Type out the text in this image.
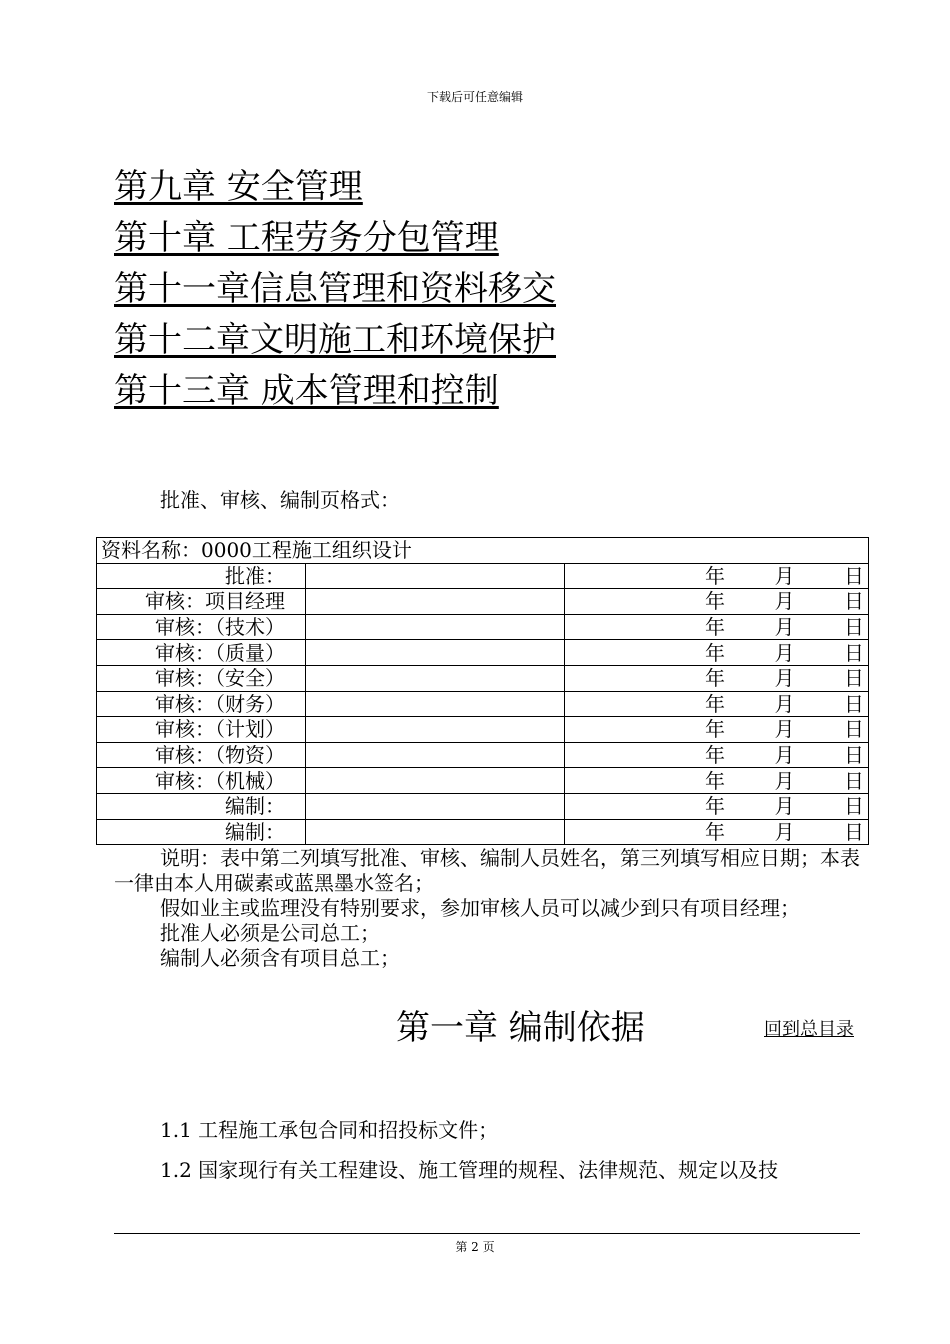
下载后可任意编辑
第九章 安全管理
第十章 工程劳务分包管理
第十一章信息管理和资料移交
第十二章文明施工和环境保护
第十三章 成本管理和控制
批准、审核、编制页格式：
资料名称：0000工程施工组织设计		
批准：		年 月 日

审核：项目经理		年 月 日

审核：（技术）		年 月 日

审核：（质量）		年 月 日

审核：（安全）		年 月 日

审核：（财务）		年 月 日

审核：（计划）		年 月 日

审核：（物资）		年 月 日

审核：（机械）		年 月 日

编制：		年 月 日

编制：		年 月 日

说明：表中第二列填写批准、审核、编制人员姓名，第三列填写相应日期；本表一律由本人用碳素或蓝黑墨水签名；

假如业主或监理没有特别要求，参加审核人员可以减少到只有项目经理；

批准人必须是公司总工；

编制人必须含有项目总工；

第一章 编制依据	回到总目录
1.1 工程施工承包合同和招投标文件；
1.2 国家现行有关工程建设、施工管理的规程、法律规范、规定以及技
第 2 页
